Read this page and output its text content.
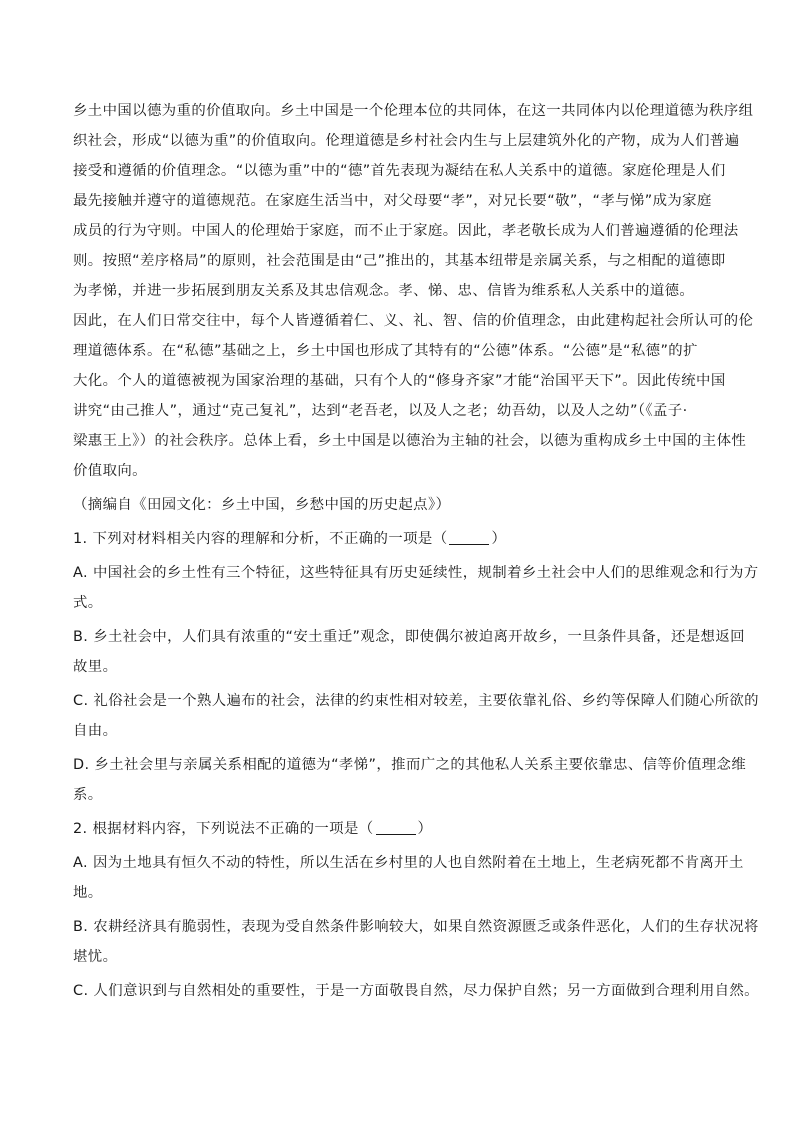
乡土中国以德为重的价值取向。乡土中国是一个伦理本位的共同体，在这一共同体内以伦理道德为秩序组
织社会，形成“以德为重”的价值取向。伦理道德是乡村社会内生与上层建筑外化的产物，成为人们普遍
接受和遵循的价值理念。“以德为重”中的“德”首先表现为凝结在私人关系中的道德。家庭伦理是人们
最先接触并遵守的道德规范。在家庭生活当中，对父母要“孝”，对兄长要“敬”，“孝与悌”成为家庭
成员的行为守则。中国人的伦理始于家庭，而不止于家庭。因此，孝老敬长成为人们普遍遵循的伦理法
则。按照“差序格局”的原则，社会范围是由“己”推出的，其基本纽带是亲属关系，与之相配的道德即
为孝悌，并进一步拓展到朋友关系及其忠信观念。孝、悌、忠、信皆为维系私人关系中的道德。
因此，在人们日常交往中，每个人皆遵循着仁、义、礼、智、信的价值理念，由此建构起社会所认可的伦
理道德体系。在“私德”基础之上，乡土中国也形成了其特有的“公德”体系。“公德”是“私德”的扩
大化。个人的道德被视为国家治理的基础，只有个人的“修身齐家”才能“治国平天下”。因此传统中国
讲究“由己推人”，通过“克己复礼”，达到“老吾老，以及人之老；幼吾幼，以及人之幼”（《孟子·
梁惠王上》）的社会秩序。总体上看，乡土中国是以德治为主轴的社会，以德为重构成乡土中国的主体性
价值取向。
（摘编自《田园文化：乡土中国，乡愁中国的历史起点》）
1. 下列对材料相关内容的理解和分析，不正确的一项是（	）
A. 中国社会的乡土性有三个特征，这些特征具有历史延续性，规制着乡土社会中人们的思维观念和行为方
式。
B. 乡土社会中，人们具有浓重的“安土重迁”观念，即使偶尔被迫离开故乡，一旦条件具备，还是想返回
故里。
C. 礼俗社会是一个熟人遍布的社会，法律的约束性相对较差，主要依靠礼俗、乡约等保障人们随心所欲的
自由。
D. 乡土社会里与亲属关系相配的道德为“孝悌”，推而广之的其他私人关系主要依靠忠、信等价值理念维
系。
2. 根据材料内容，下列说法不正确的一项是（	）
A. 因为土地具有恒久不动的特性，所以生活在乡村里的人也自然附着在土地上，生老病死都不肯离开土
地。
B. 农耕经济具有脆弱性，表现为受自然条件影响较大，如果自然资源匮乏或条件恶化，人们的生存状况将
堪忧。
C. 人们意识到与自然相处的重要性，于是一方面敬畏自然，尽力保护自然；另一方面做到合理利用自然。
